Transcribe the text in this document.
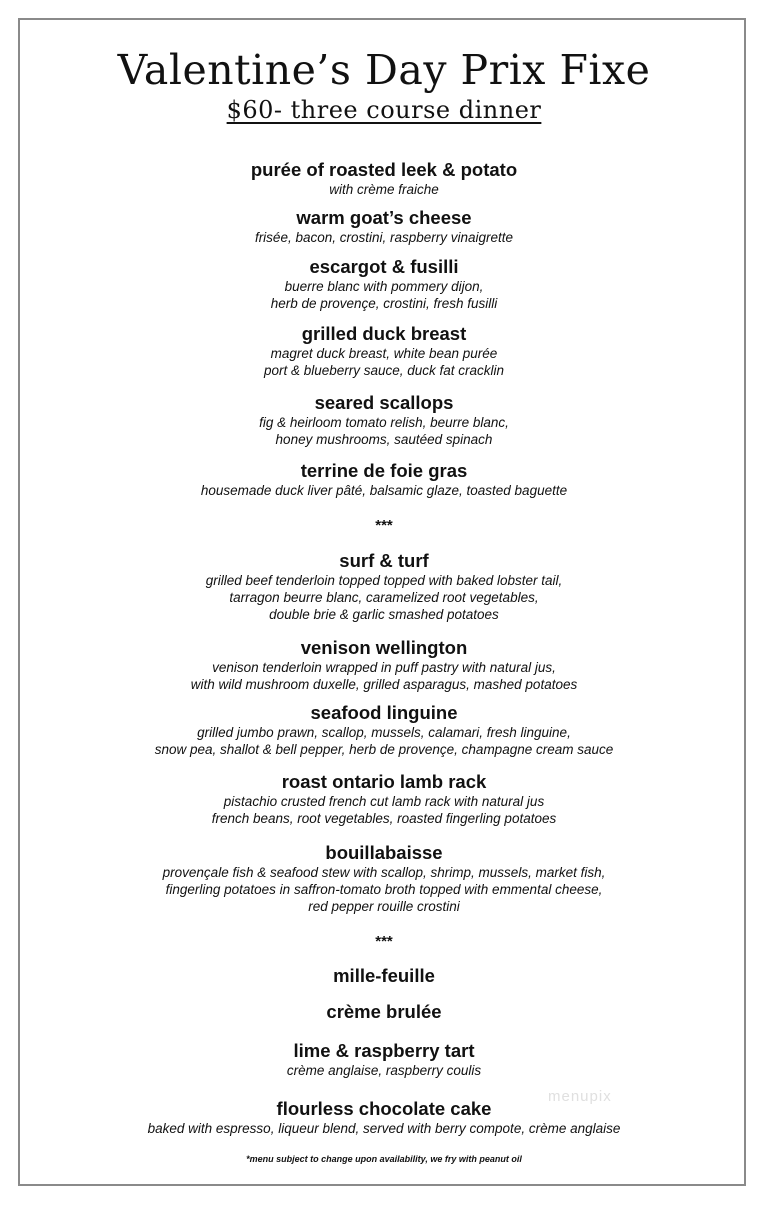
Valentine’s Day Prix Fixe
$60- three course dinner
purée of roasted leek & potato
with crème fraiche
warm goat’s cheese
frisée, bacon, crostini, raspberry vinaigrette
escargot & fusilli
buerre blanc with pommery dijon,
herb de provençe, crostini, fresh fusilli
grilled duck breast
magret duck breast, white bean purée
port & blueberry sauce, duck fat cracklin
seared scallops
fig & heirloom tomato relish, beurre blanc,
honey mushrooms, sautéed spinach
terrine de foie gras
housemade duck liver pâté, balsamic glaze, toasted baguette
***
surf & turf
grilled beef tenderloin topped topped with baked lobster tail,
tarragon beurre blanc, caramelized root vegetables,
double brie & garlic smashed potatoes
venison wellington
venison tenderloin wrapped in puff pastry with natural jus,
with wild mushroom duxelle, grilled asparagus, mashed potatoes
seafood linguine
grilled jumbo prawn, scallop, mussels, calamari, fresh linguine,
snow pea, shallot & bell pepper, herb de provençe, champagne cream sauce
roast ontario lamb rack
pistachio crusted french cut lamb rack with natural jus
french beans, root vegetables, roasted fingerling potatoes
bouillabaisse
provençale fish & seafood stew with scallop, shrimp, mussels, market fish,
fingerling potatoes in saffron-tomato broth topped with emmental cheese,
red pepper rouille crostini
***
mille-feuille
crème brulée
lime & raspberry tart
crème anglaise, raspberry coulis
flourless chocolate cake
baked with espresso, liqueur blend, served with berry compote, crème anglaise
menupix
*menu subject to change upon availability, we fry with peanut oil
